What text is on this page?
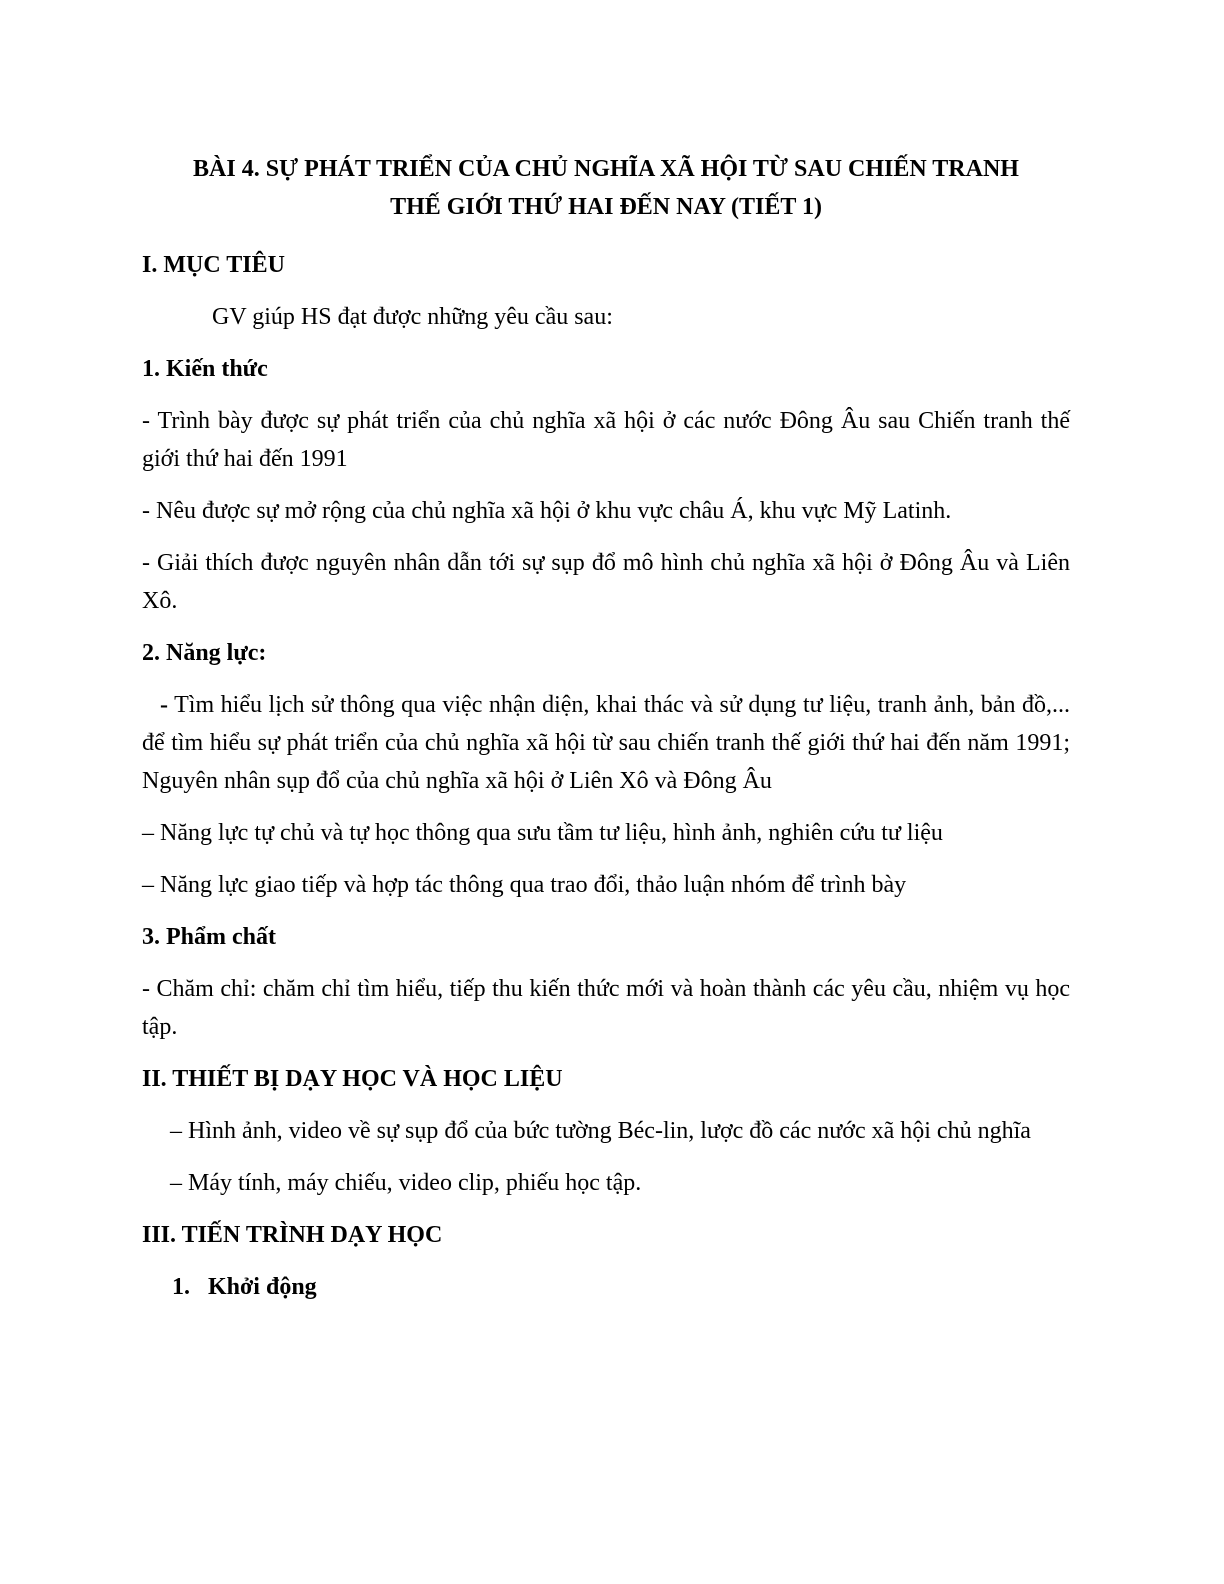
BÀI 4. SỰ PHÁT TRIỂN CỦA CHỦ NGHĨA XÃ HỘI TỪ SAU CHIẾN TRANH
THẾ GIỚI THỨ HAI ĐẾN NAY (TIẾT 1)
I. MỤC TIÊU
GV giúp HS đạt được những yêu cầu sau:
1. Kiến thức
- Trình bày được sự phát triển của chủ nghĩa xã hội ở các nước Đông Âu sau Chiến tranh thế giới thứ hai đến 1991
- Nêu được sự mở rộng của chủ nghĩa xã hội ở khu vực châu Á, khu vực Mỹ Latinh.
- Giải thích được nguyên nhân dẫn tới sự sụp đổ mô hình chủ nghĩa xã hội ở Đông Âu và Liên Xô.
2. Năng lực:
- Tìm hiểu lịch sử thông qua việc nhận diện, khai thác và sử dụng tư liệu, tranh ảnh, bản đồ,... để tìm hiểu sự phát triển của chủ nghĩa xã hội từ sau chiến tranh thế giới thứ hai đến năm 1991; Nguyên nhân sụp đổ của chủ nghĩa xã hội ở Liên Xô và Đông Âu
– Năng lực tự chủ và tự học thông qua sưu tầm tư liệu, hình ảnh, nghiên cứu tư liệu
– Năng lực giao tiếp và hợp tác thông qua trao đổi, thảo luận nhóm để trình bày
3. Phẩm chất
- Chăm chỉ: chăm chỉ tìm hiểu, tiếp thu kiến thức mới và hoàn thành các yêu cầu, nhiệm vụ học tập.
II. THIẾT BỊ DẠY HỌC VÀ HỌC LIỆU
– Hình ảnh, video về sự sụp đổ của bức tường Béc-lin, lược đồ các nước xã hội chủ nghĩa
– Máy tính, máy chiếu, video clip, phiếu học tập.
III. TIẾN TRÌNH DẠY HỌC
1. Khởi động
